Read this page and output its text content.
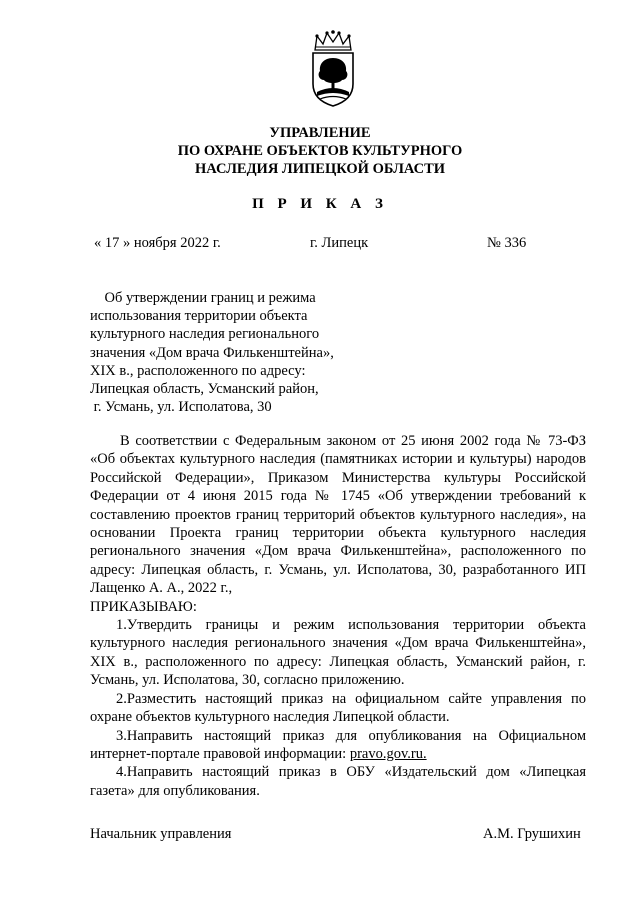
УПРАВЛЕНИЕ
ПО ОХРАНЕ ОБЪЕКТОВ КУЛЬТУРНОГО
НАСЛЕДИЯ ЛИПЕЦКОЙ ОБЛАСТИ
П Р И К А З
« 17 » ноября 2022 г.	г. Липецк	№ 336
Об утверждении границ и режима
использования территории объекта
культурного наследия регионального
значения «Дом врача Филькенштейна»,
XIX в., расположенного по адресу:
Липецкая область, Усманский район,
г. Усмань, ул. Исполатова, 30

В соответствии с Федеральным законом от 25 июня 2002 года № 73-ФЗ «Об объектах культурного наследия (памятниках истории и культуры) народов Российской Федерации», Приказом Министерства культуры Российской Федерации от 4 июня 2015 года № 1745 «Об утверждении требований к составлению проектов границ территорий объектов культурного наследия», на основании Проекта границ территории объекта культурного наследия регионального значения «Дом врача Филькенштейна», расположенного по адресу: Липецкая область, г. Усмань, ул. Исполатова, 30, разработанного ИП Лащенко А. А., 2022 г.,

ПРИКАЗЫВАЮ:

1.Утвердить границы и режим использования территории объекта культурного наследия регионального значения «Дом врача Филькенштейна», XIX в., расположенного по адресу: Липецкая область, Усманский район, г. Усмань, ул. Исполатова, 30, согласно приложению.

2.Разместить настоящий приказ на официальном сайте управления по охране объектов культурного наследия Липецкой области.

3.Направить настоящий приказ для опубликования на Официальном интернет-портале правовой информации: pravo.gov.ru.

4.Направить настоящий приказ в ОБУ «Издательский дом «Липецкая газета» для опубликования.

Начальник управления	А.М. Грушихин
